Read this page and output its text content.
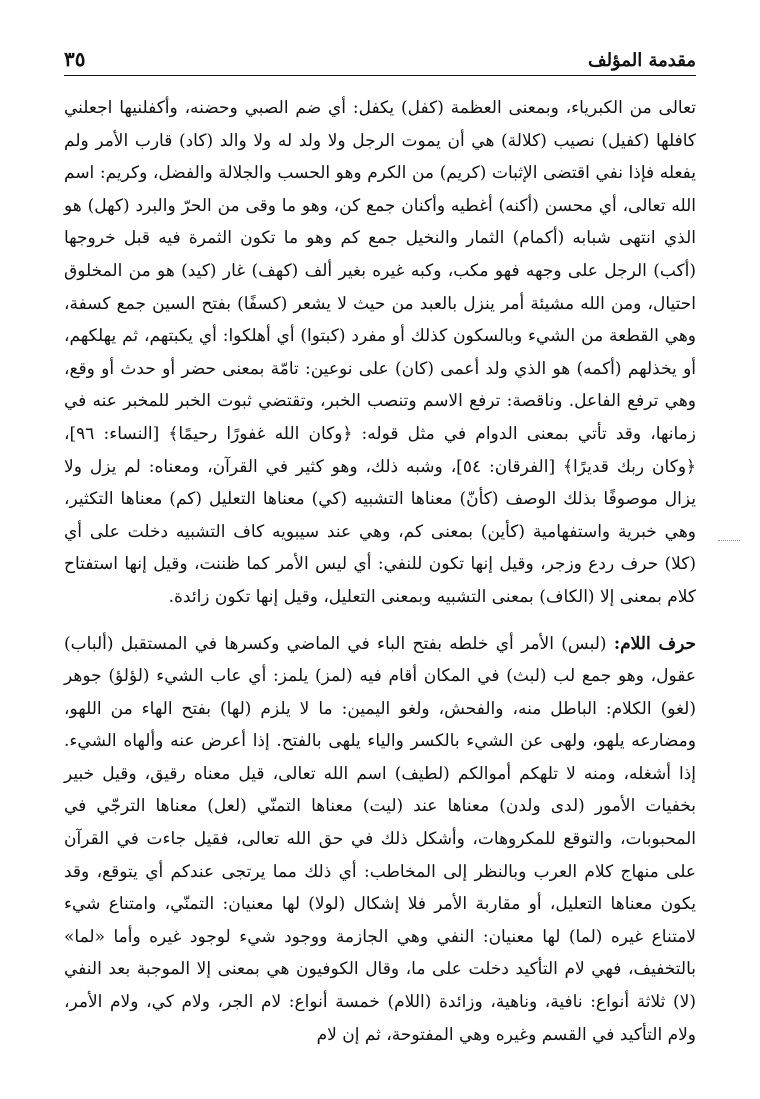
مقدمة المؤلف
٣٥

تعالى من الكبرياء، وبمعنى العظمة (كفل) يكفل: أي ضم الصبي وحضنه، وأكفلنيها اجعلني كافلها (كفيل) نصيب (كلالة) هي أن يموت الرجل ولا ولد له ولا والد (كاد) قارب الأمر ولم يفعله فإذا نفي اقتضى الإثبات (كريم) من الكرم وهو الحسب والجلالة والفضل، وكريم: اسم الله تعالى، أي محسن (أكنه) أغطيه وأكنان جمع كن، وهو ما وقى من الحرّ والبرد (كهل) هو الذي انتهى شبابه (أكمام) الثمار والنخيل جمع كم وهو ما تكون الثمرة فيه قبل خروجها (أكب) الرجل على وجهه فهو مكب، وكبه غيره بغير ألف (كهف) غار (كيد) هو من المخلوق احتيال، ومن الله مشيئة أمر ينزل بالعبد من حيث لا يشعر (كسفًا) بفتح السين جمع كسفة، وهي القطعة من الشيء وبالسكون كذلك أو مفرد (كبتوا) أي أهلكوا: أي يكبتهم، ثم يهلكهم، أو يخذلهم (أكمه) هو الذي ولد أعمى (كان) على نوعين: تامّة بمعنى حضر أو حدث أو وقع، وهي ترفع الفاعل. وناقصة: ترفع الاسم وتنصب الخبر، وتقتضي ثبوت الخبر للمخبر عنه في زمانها، وقد تأتي بمعنى الدوام في مثل قوله: ﴿وكان الله غفورًا رحيمًا﴾ [النساء: ٩٦]، ﴿وكان ربك قديرًا﴾ [الفرقان: ٥٤]، وشبه ذلك، وهو كثير في القرآن، ومعناه: لم يزل ولا يزال موصوفًا بذلك الوصف (كأنّ) معناها التشبيه (كي) معناها التعليل (كم) معناها التكثير، وهي خبرية واستفهامية (كأين) بمعنى كم، وهي عند سيبويه كاف التشبيه دخلت على أي (كلا) حرف ردع وزجر، وقيل إنها تكون للنفي: أي ليس الأمر كما ظننت، وقيل إنها استفتاح كلام بمعنى إلا (الكاف) بمعنى التشبيه وبمعنى التعليل، وقيل إنها تكون زائدة.

حرف اللام: (لبس) الأمر أي خلطه بفتح الباء في الماضي وكسرها في المستقبل (ألباب) عقول، وهو جمع لب (لبث) في المكان أقام فيه (لمز) يلمز: أي عاب الشيء (لؤلؤ) جوهر (لغو) الكلام: الباطل منه، والفحش، ولغو اليمين: ما لا يلزم (لها) بفتح الهاء من اللهو، ومضارعه يلهو، ولهى عن الشيء بالكسر والياء يلهى بالفتح. إذا أعرض عنه وألهاه الشيء. إذا أشغله، ومنه لا تلهكم أموالكم (لطيف) اسم الله تعالى، قيل معناه رقيق، وقيل خبير بخفيات الأمور (لدى ولدن) معناها عند (ليت) معناها التمنّي (لعل) معناها الترجّي في المحبوبات، والتوقع للمكروهات، وأشكل ذلك في حق الله تعالى، فقيل جاءت في القرآن على منهاج كلام العرب وبالنظر إلى المخاطب: أي ذلك مما يرتجى عندكم أي يتوقع، وقد يكون معناها التعليل، أو مقاربة الأمر فلا إشكال (لولا) لها معنيان: التمنّي، وامتناع شيء لامتناع غيره (لما) لها معنيان: النفي وهي الجازمة ووجود شيء لوجود غيره وأما «لما» بالتخفيف، فهي لام التأكيد دخلت على ما، وقال الكوفيون هي بمعنى إلا الموجبة بعد النفي (لا) ثلاثة أنواع: نافية، وناهية، وزائدة (اللام) خمسة أنواع: لام الجر، ولام كي، ولام الأمر، ولام التأكيد في القسم وغيره وهي المفتوحة، ثم إن لام
